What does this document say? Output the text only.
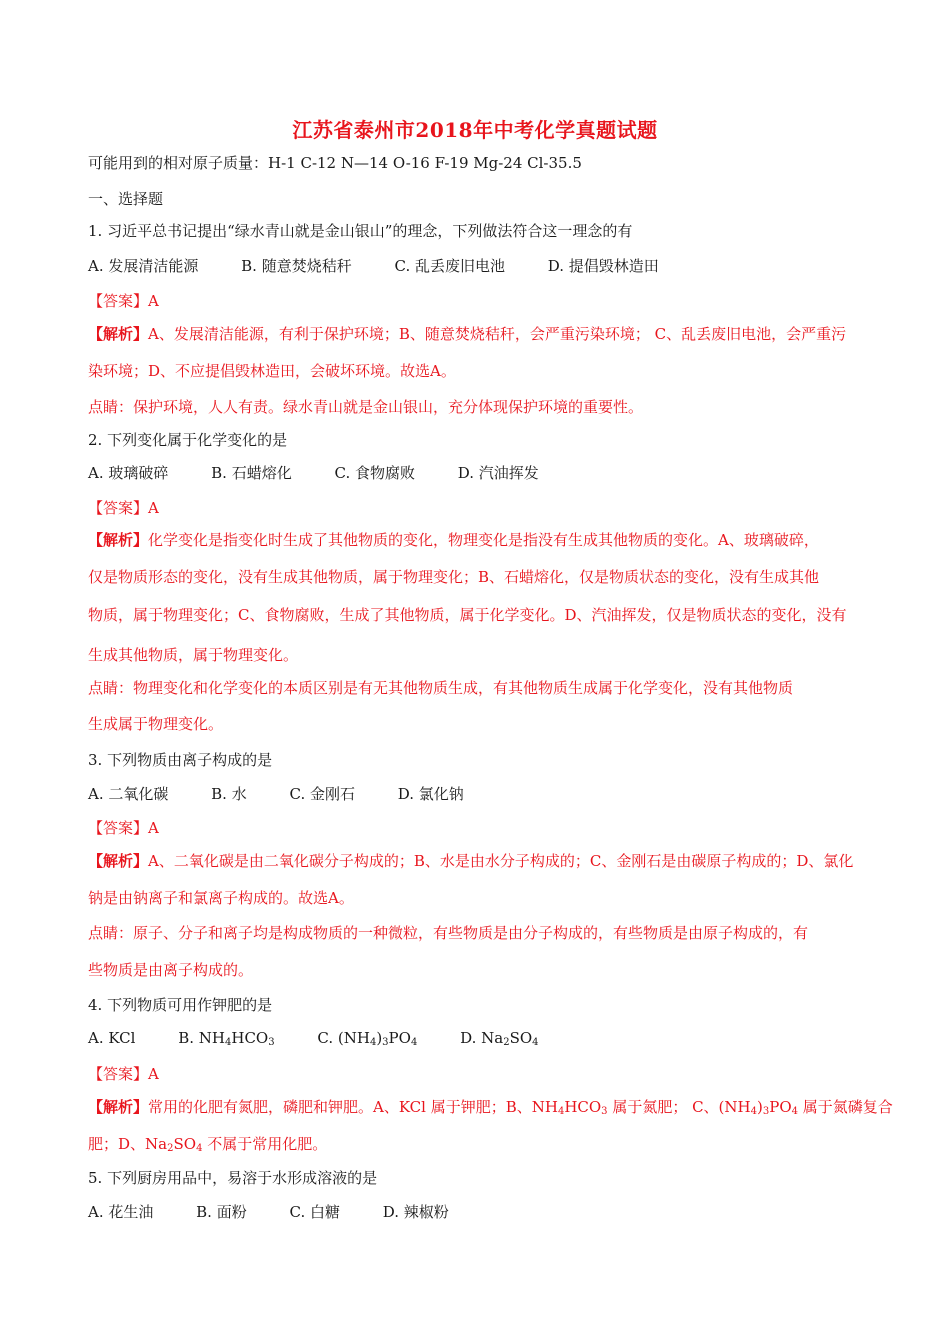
江苏省泰州市2018年中考化学真题试题
可能用到的相对原子质量：H-1 C-12 N—14 O-16 F-19 Mg-24 Cl-35.5
一、选择题
1. 习近平总书记提出“绿水青山就是金山银山”的理念，下列做法符合这一理念的有
A. 发展清洁能源	B. 随意焚烧秸秆	C. 乱丢废旧电池	D. 提倡毁林造田
【答案】A
【解析】A、发展清洁能源，有利于保护环境；B、随意焚烧秸秆，会严重污染环境； C、乱丢废旧电池，会严重污
染环境；D、不应提倡毁林造田，会破坏环境。故选A。
点睛：保护环境，人人有责。绿水青山就是金山银山，充分体现保护环境的重要性。
2. 下列变化属于化学变化的是
A. 玻璃破碎	B. 石蜡熔化	C. 食物腐败	D. 汽油挥发
【答案】A
【解析】化学变化是指变化时生成了其他物质的变化，物理变化是指没有生成其他物质的变化。A、玻璃破碎，
仅是物质形态的变化，没有生成其他物质，属于物理变化；B、石蜡熔化，仅是物质状态的变化，没有生成其他
物质，属于物理变化；C、食物腐败，生成了其他物质，属于化学变化。D、汽油挥发，仅是物质状态的变化，没有
生成其他物质，属于物理变化。
点睛：物理变化和化学变化的本质区别是有无其他物质生成，有其他物质生成属于化学变化，没有其他物质
生成属于物理变化。
3. 下列物质由离子构成的是
A. 二氧化碳	B. 水	C. 金刚石	D. 氯化钠
【答案】A
【解析】A、二氧化碳是由二氧化碳分子构成的；B、水是由水分子构成的；C、金刚石是由碳原子构成的；D、氯化
钠是由钠离子和氯离子构成的。故选A。
点睛：原子、分子和离子均是构成物质的一种微粒，有些物质是由分子构成的，有些物质是由原子构成的，有
些物质是由离子构成的。
4. 下列物质可用作钾肥的是
A. KCl	B. $NH_4HCO_3$	C. $(NH_4)_3PO_4$	D. $Na_2SO_4$
【答案】A
【解析】常用的化肥有氮肥，磷肥和钾肥。A、KCl 属于钾肥；B、$NH_4HCO_3$ 属于氮肥； C、$(NH_4)_3PO_4$ 属于氮磷复合
肥；D、$Na_2SO_4$ 不属于常用化肥。
5. 下列厨房用品中，易溶于水形成溶液的是
A. 花生油	B. 面粉	C. 白糖	D. 辣椒粉
